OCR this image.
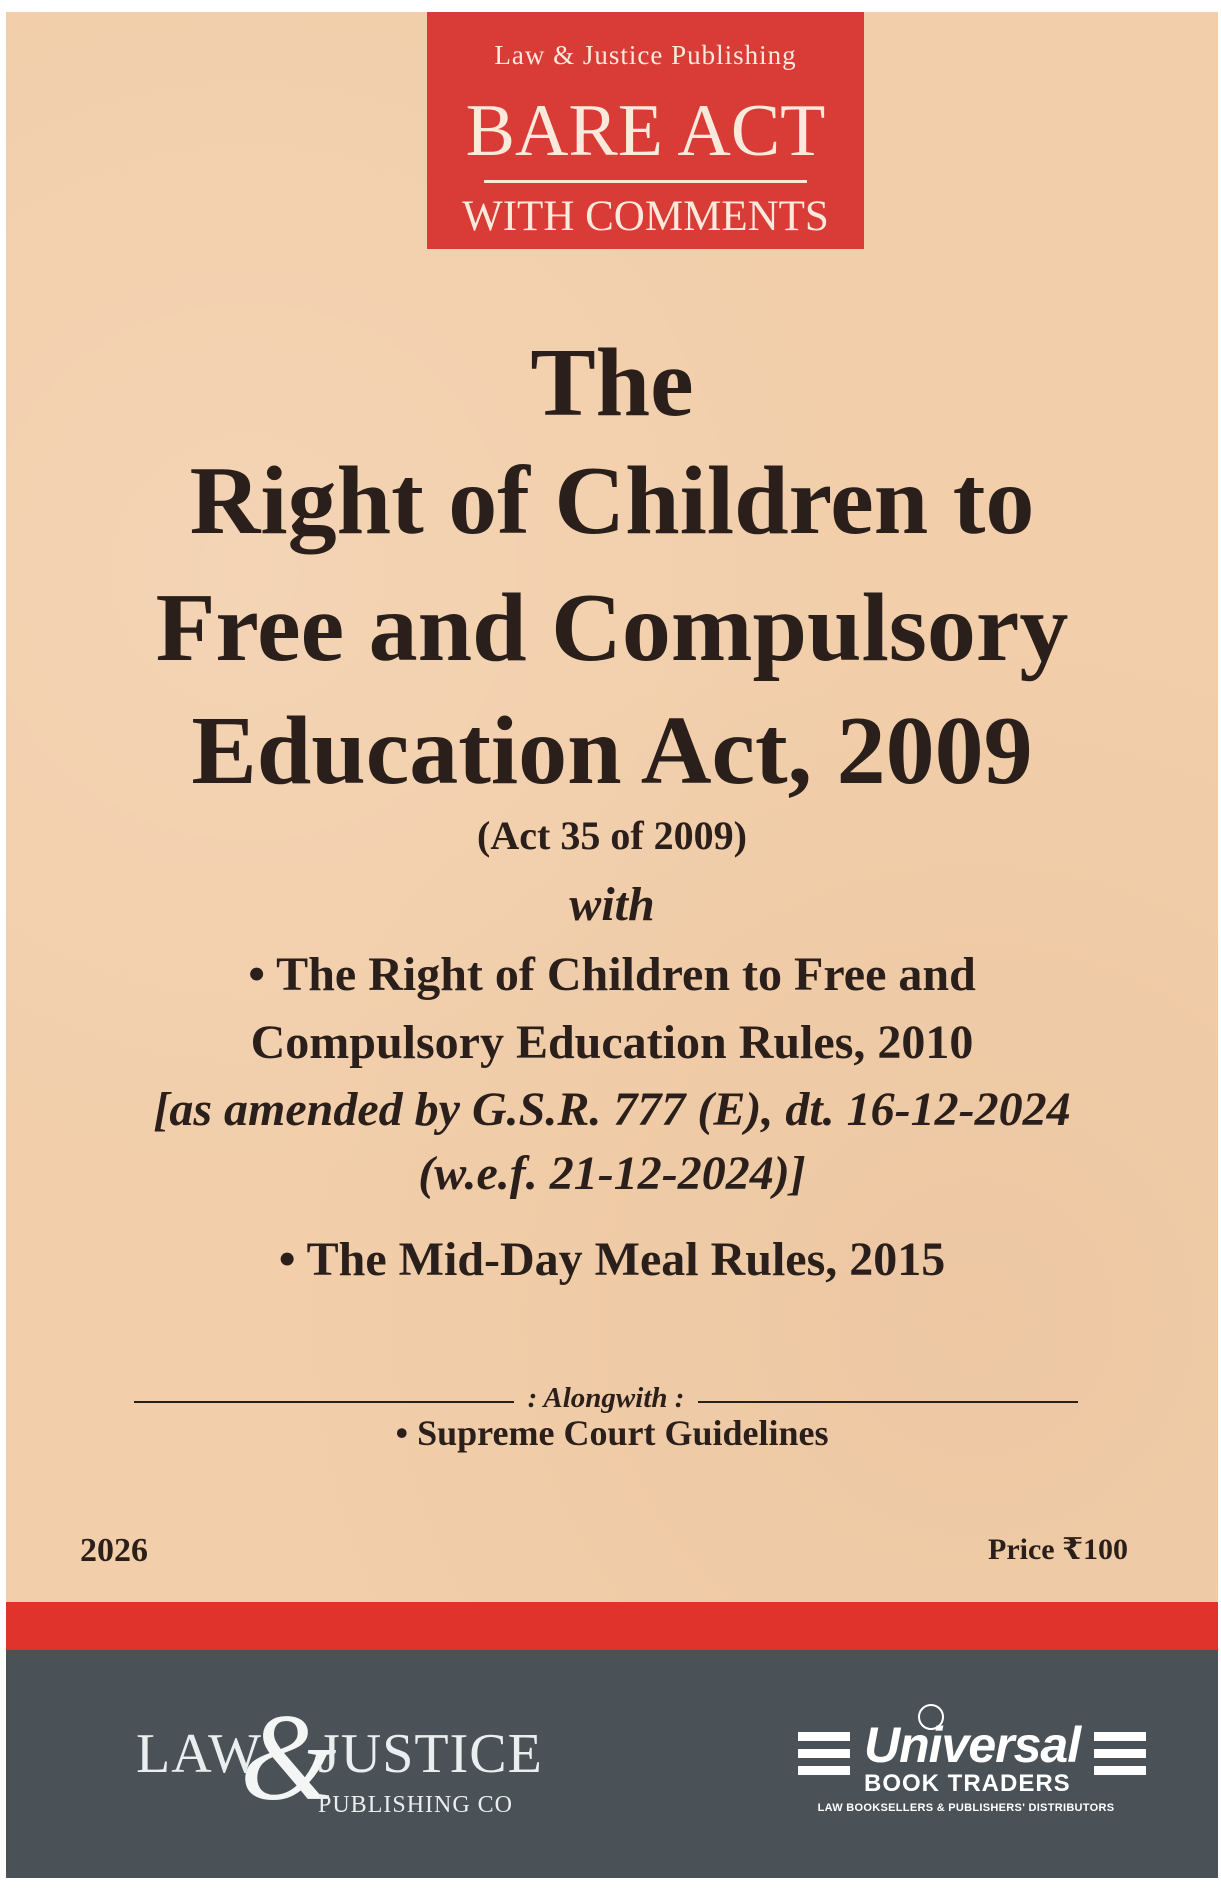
Law & Justice Publishing
BARE ACT
WITH COMMENTS
The
Right of Children to
Free and Compulsory
Education Act, 2009
(Act 35 of 2009)
with
• The Right of Children to Free and
Compulsory Education Rules, 2010
[as amended by G.S.R. 777 (E), dt. 16-12-2024
(w.e.f. 21-12-2024)]
• The Mid-Day Meal Rules, 2015
: Alongwith :
• Supreme Court Guidelines
2026	Price ₹100
LAW
&
JUSTICE
PUBLISHING CO
Universal
BOOK TRADERS
LAW BOOKSELLERS & PUBLISHERS' DISTRIBUTORS
